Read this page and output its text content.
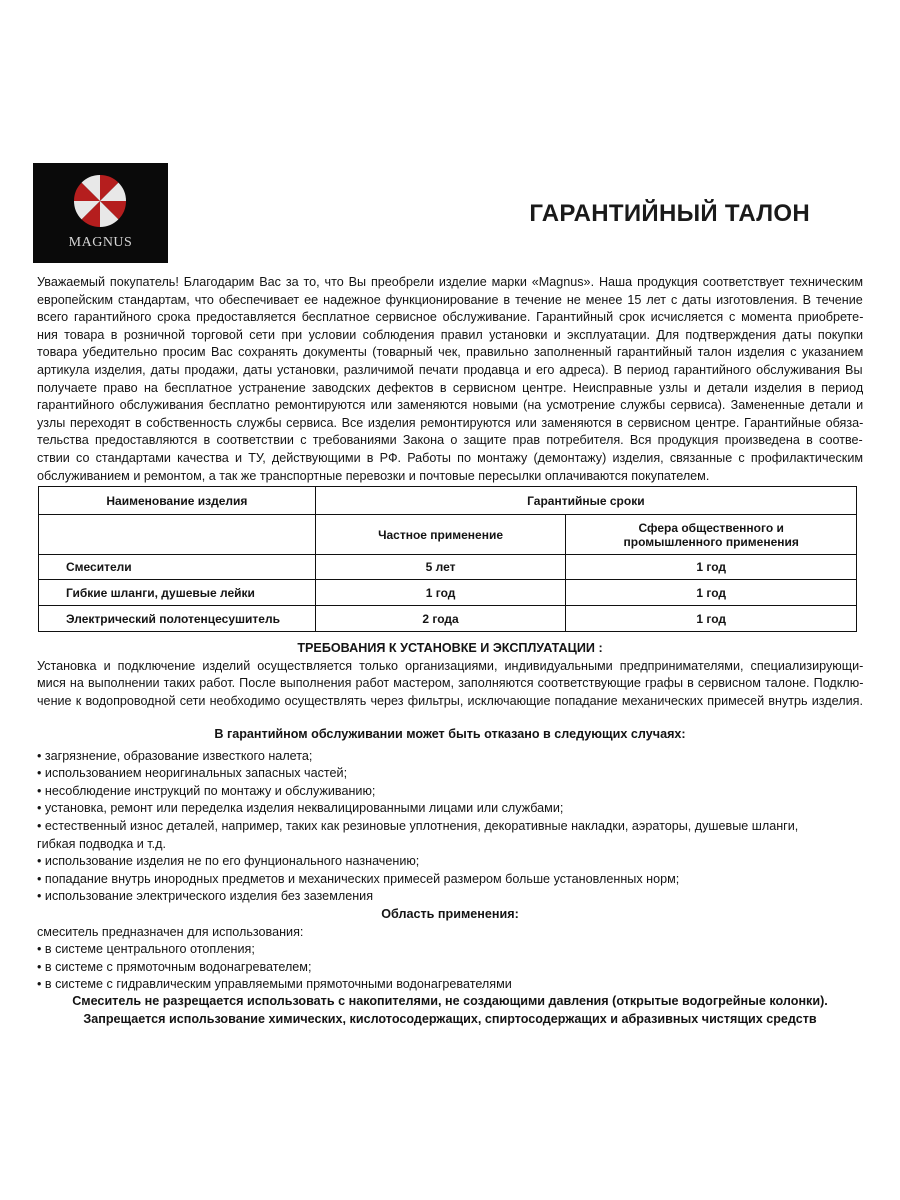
MAGNUS
ГАРАНТИЙНЫЙ ТАЛОН
Уважаемый покупатель! Благодарим Вас за то, что Вы преобрели изделие марки «Magnus». Наша продукция соответствует техническим
европейским стандартам, что обеспечивает ее надежное функционирование в течение не менее 15 лет с даты изготовления. В течение
всего гарантийного срока предоставляется бесплатное сервисное обслуживание. Гарантийный срок исчисляется с момента приобрете-
ния товара в розничной торговой сети при условии соблюдения правил установки и эксплуатации. Для подтверждения даты покупки
товара убедительно просим Вас сохранять документы (товарный чек, правильно заполненный гарантийный талон изделия с указанием
артикула изделия, даты продажи, даты установки, различимой печати продавца и его адреса). В период гарантийного обслуживания Вы
получаете право на бесплатное устранение заводских дефектов в сервисном центре. Неисправные узлы и детали изделия в период
гарантийного обслуживания бесплатно ремонтируются или заменяются новыми (на усмотрение службы сервиса). Замененные детали и
узлы переходят в собственность службы сервиса. Все изделия ремонтируются или заменяются в сервисном центре. Гарантийные обяза-
тельства предоставляются в соответствии с требованиями Закона о защите прав потребителя. Вся продукция произведена в соотве-
ствии со стандартами качества и ТУ, действующими в РФ. Работы по монтажу (демонтажу) изделия, связанные с профилактическим
обслуживанием и ремонтом, а так же транспортные перевозки и почтовые пересылки оплачиваются покупателем.
Наименование изделия	Гарантийные сроки	
	Частное применение	Сфера общественного и
промышленного применения
Смесители	5 лет	1 год
Гибкие шланги, душевые лейки	1 год	1 год
Электрический полотенцесушитель	2 года	1 год
ТРЕБОВАНИЯ К УСТАНОВКЕ И ЭКСПЛУАТАЦИИ :
Установка и подключение изделий осуществляется только организациями, индивидуальными предпринимателями, специализирующи-
мися на выполнении таких работ. После выполнения работ мастером, заполняются соответствующие графы в сервисном талоне. Подклю-
чение к водопроводной сети необходимо осуществлять через фильтры, исключающие попадание механических примесей внутрь изделия.
В гарантийном обслуживании может быть отказано в следующих случаях:
• загрязнение, образование известкого налета;
• использованием неоригинальных запасных частей;
• несоблюдение инструкций по монтажу и обслуживанию;
• установка, ремонт или переделка изделия неквалицированными лицами или службами;
• естественный износ деталей, например, таких как резиновые уплотнения, декоративные накладки, аэраторы, душевые шланги,
гибкая подводка и т.д.
• использование изделия не по его фунционального назначению;
• попадание внутрь инородных предметов и механических примесей размером больше установленных норм;
• использование электрического изделия без заземления
Область применения:
смеситель предназначен для использования:
• в системе центрального отопления;
• в системе с прямоточным водонагревателем;
• в системе с гидравлическим управляемыми прямоточными водонагревателями
Смеситель не разрещается использовать с накопителями, не создающими давления (открытые водогрейные колонки).
Запрещается использование химических, кислотосодержащих, спиртосодержащих и абразивных чистящих средств
